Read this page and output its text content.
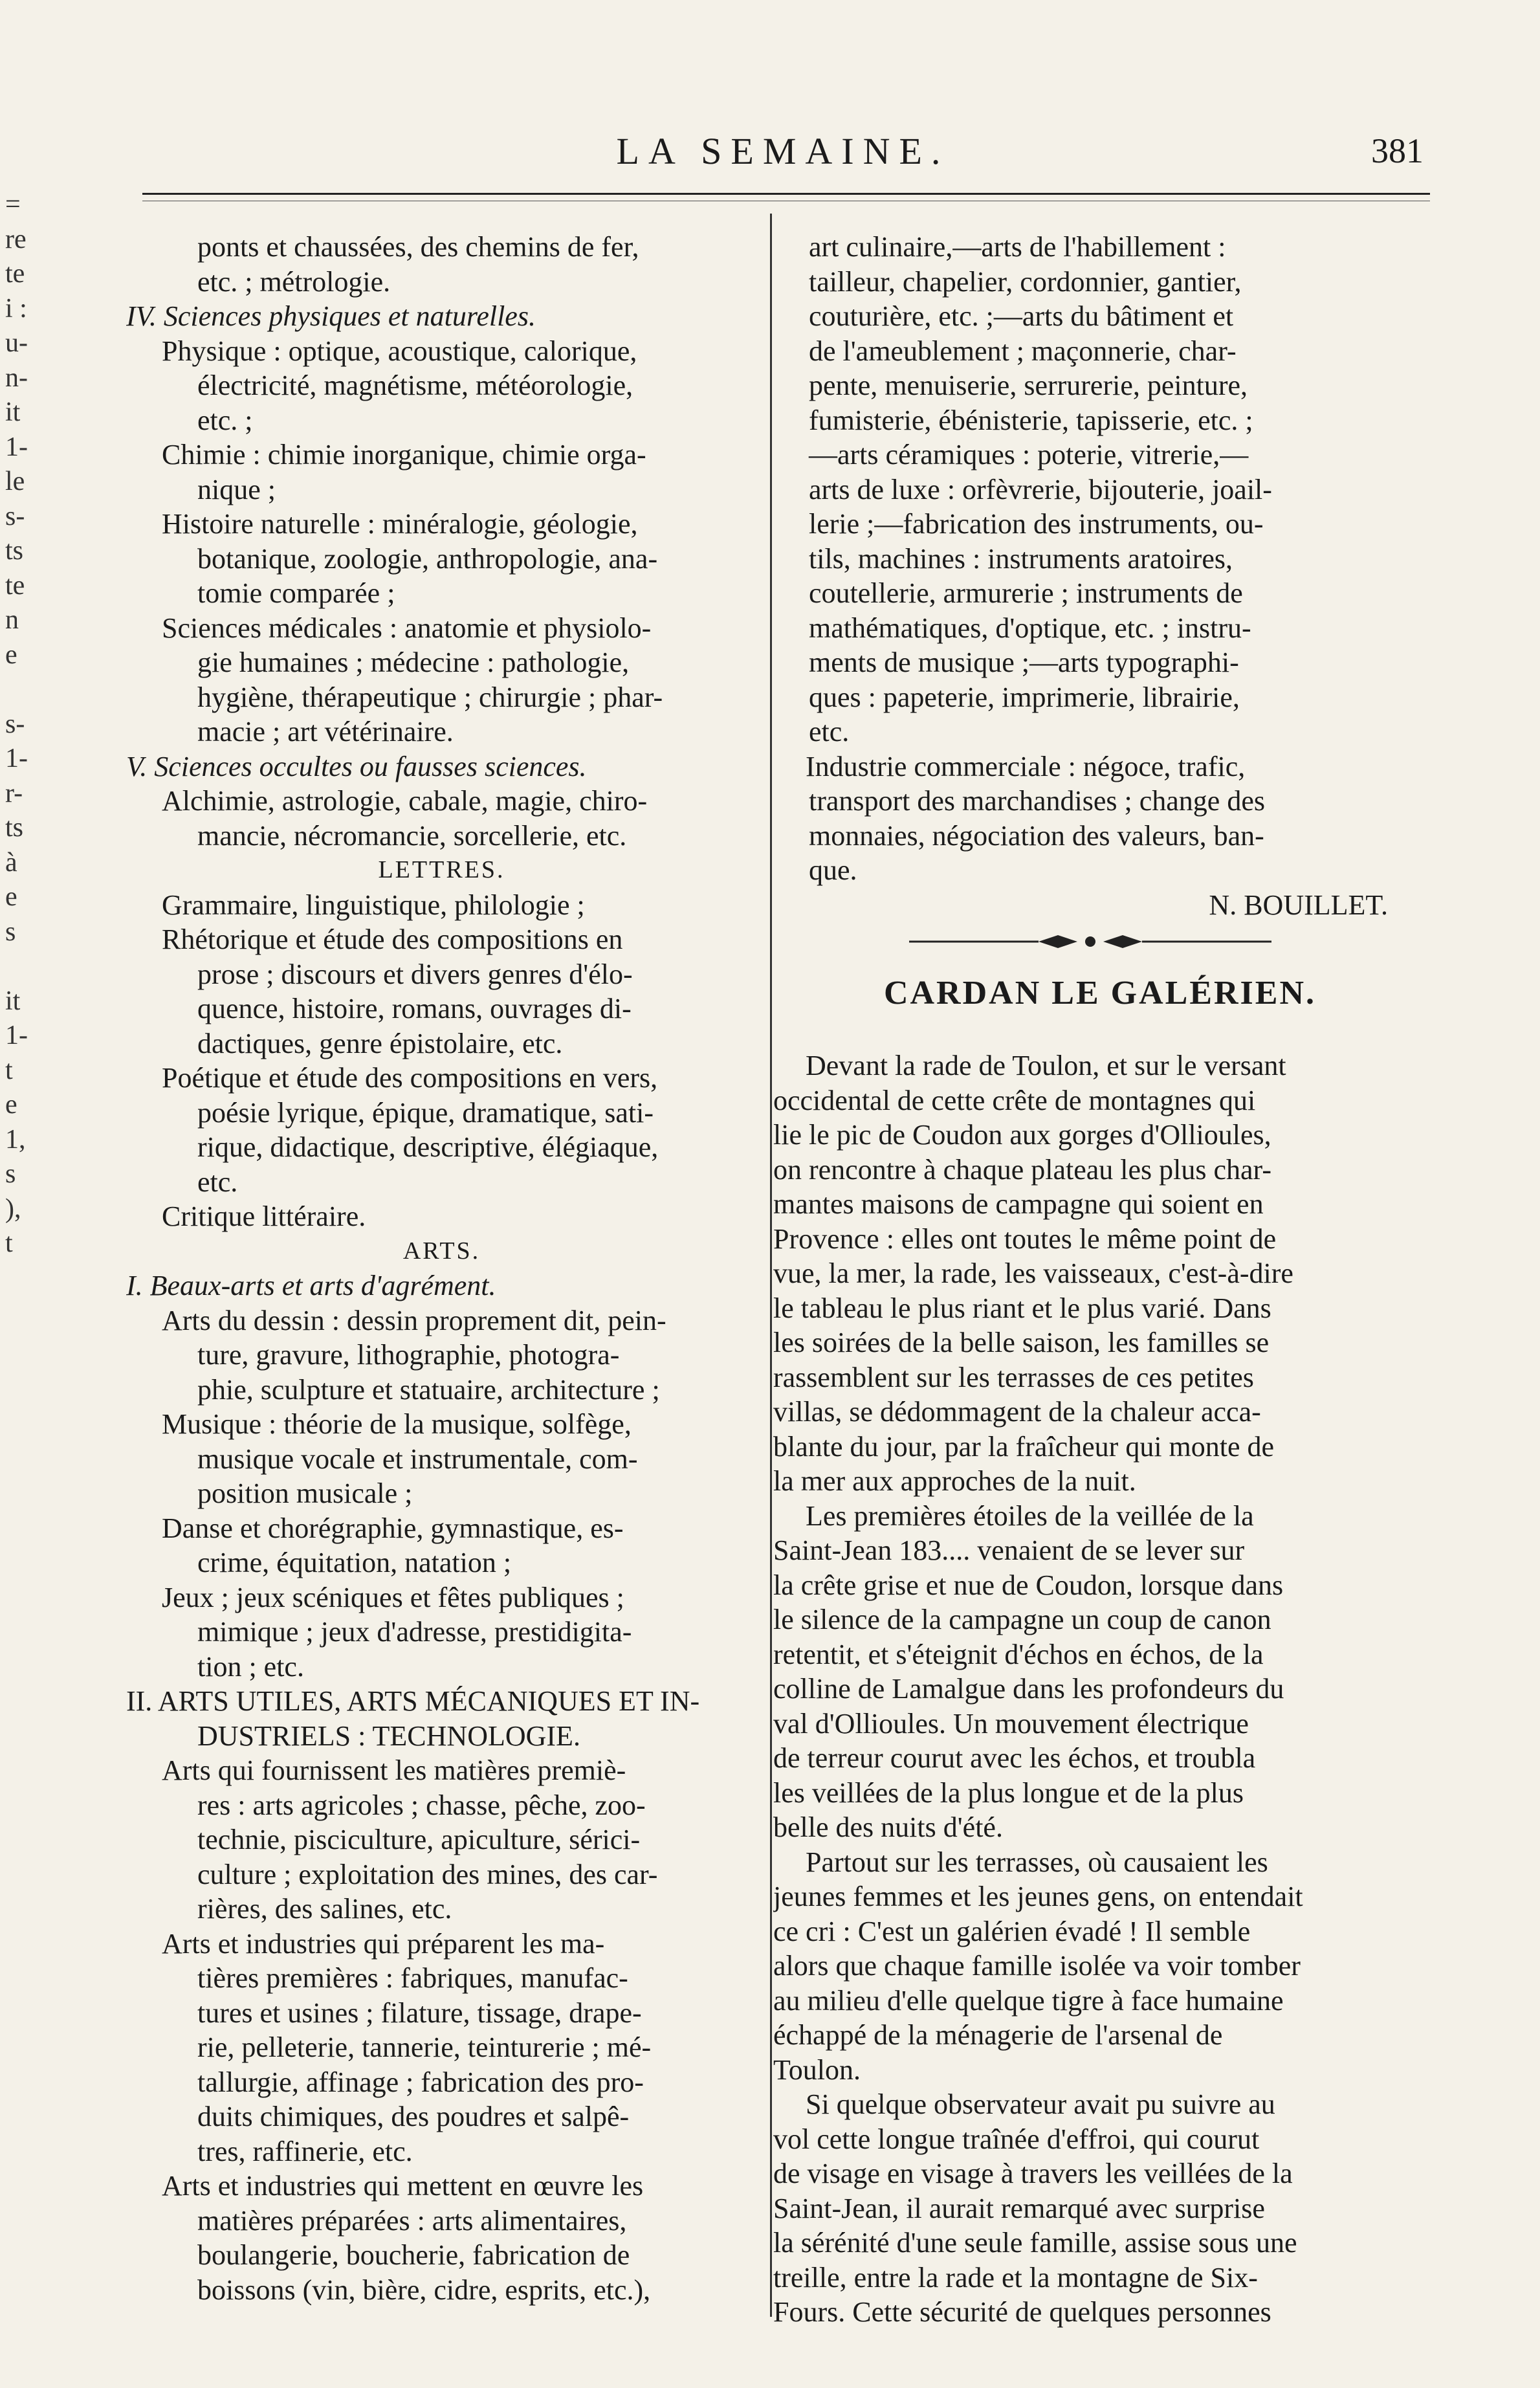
LA SEMAINE.	381
=
re
te
i :
u-
n-
it
1-
le
s-
ts
te
n
e
s-
1-
r-
ts
à
e
s
it
1-
t
e
1,
s
),
t
ponts et chaussées, des chemins de fer,
etc. ; métrologie.
IV. Sciences physiques et naturelles.
Physique : optique, acoustique, calorique,
électricité, magnétisme, météorologie,
etc. ;
Chimie : chimie inorganique, chimie orga-
nique ;
Histoire naturelle : minéralogie, géologie,
botanique, zoologie, anthropologie, ana-
tomie comparée ;
Sciences médicales : anatomie et physiolo-
gie humaines ; médecine : pathologie,
hygiène, thérapeutique ; chirurgie ; phar-
macie ; art vétérinaire.
V. Sciences occultes ou fausses sciences.
Alchimie, astrologie, cabale, magie, chiro-
mancie, nécromancie, sorcellerie, etc.
LETTRES.
Grammaire, linguistique, philologie ;
Rhétorique et étude des compositions en
prose ; discours et divers genres d'élo-
quence, histoire, romans, ouvrages di-
dactiques, genre épistolaire, etc.
Poétique et étude des compositions en vers,
poésie lyrique, épique, dramatique, sati-
rique, didactique, descriptive, élégiaque,
etc.
Critique littéraire.
ARTS.
I. Beaux-arts et arts d'agrément.
Arts du dessin : dessin proprement dit, pein-
ture, gravure, lithographie, photogra-
phie, sculpture et statuaire, architecture ;
Musique : théorie de la musique, solfège,
musique vocale et instrumentale, com-
position musicale ;
Danse et chorégraphie, gymnastique, es-
crime, équitation, natation ;
Jeux ; jeux scéniques et fêtes publiques ;
mimique ; jeux d'adresse, prestidigita-
tion ; etc.
II. ARTS UTILES, ARTS MÉCANIQUES ET IN-
DUSTRIELS : TECHNOLOGIE.
Arts qui fournissent les matières premiè-
res : arts agricoles ; chasse, pêche, zoo-
technie, pisciculture, apiculture, sérici-
culture ; exploitation des mines, des car-
rières, des salines, etc.
Arts et industries qui préparent les ma-
tières premières : fabriques, manufac-
tures et usines ; filature, tissage, drape-
rie, pelleterie, tannerie, teinturerie ; mé-
tallurgie, affinage ; fabrication des pro-
duits chimiques, des poudres et salpê-
tres, raffinerie, etc.
Arts et industries qui mettent en œuvre les
matières préparées : arts alimentaires,
boulangerie, boucherie, fabrication de
boissons (vin, bière, cidre, esprits, etc.),
art culinaire,—arts de l'habillement :
tailleur, chapelier, cordonnier, gantier,
couturière, etc. ;—arts du bâtiment et
de l'ameublement ; maçonnerie, char-
pente, menuiserie, serrurerie, peinture,
fumisterie, ébénisterie, tapisserie, etc. ;
—arts céramiques : poterie, vitrerie,—
arts de luxe : orfèvrerie, bijouterie, joail-
lerie ;—fabrication des instruments, ou-
tils, machines : instruments aratoires,
coutellerie, armurerie ; instruments de
mathématiques, d'optique, etc. ; instru-
ments de musique ;—arts typographi-
ques : papeterie, imprimerie, librairie,
etc.
Industrie commerciale : négoce, trafic,
transport des marchandises ; change des
monnaies, négociation des valeurs, ban-
que.
N. BOUILLET.
CARDAN LE GALÉRIEN.
Devant la rade de Toulon, et sur le versant
occidental de cette crête de montagnes qui
lie le pic de Coudon aux gorges d'Ollioules,
on rencontre à chaque plateau les plus char-
mantes maisons de campagne qui soient en
Provence : elles ont toutes le même point de
vue, la mer, la rade, les vaisseaux, c'est-à-dire
le tableau le plus riant et le plus varié. Dans
les soirées de la belle saison, les familles se
rassemblent sur les terrasses de ces petites
villas, se dédommagent de la chaleur acca-
blante du jour, par la fraîcheur qui monte de
la mer aux approches de la nuit.
Les premières étoiles de la veillée de la
Saint-Jean 183.... venaient de se lever sur
la crête grise et nue de Coudon, lorsque dans
le silence de la campagne un coup de canon
retentit, et s'éteignit d'échos en échos, de la
colline de Lamalgue dans les profondeurs du
val d'Ollioules. Un mouvement électrique
de terreur courut avec les échos, et troubla
les veillées de la plus longue et de la plus
belle des nuits d'été.
Partout sur les terrasses, où causaient les
jeunes femmes et les jeunes gens, on entendait
ce cri : C'est un galérien évadé ! Il semble
alors que chaque famille isolée va voir tomber
au milieu d'elle quelque tigre à face humaine
échappé de la ménagerie de l'arsenal de
Toulon.
Si quelque observateur avait pu suivre au
vol cette longue traînée d'effroi, qui courut
de visage en visage à travers les veillées de la
Saint-Jean, il aurait remarqué avec surprise
la sérénité d'une seule famille, assise sous une
treille, entre la rade et la montagne de Six-
Fours. Cette sécurité de quelques personnes
